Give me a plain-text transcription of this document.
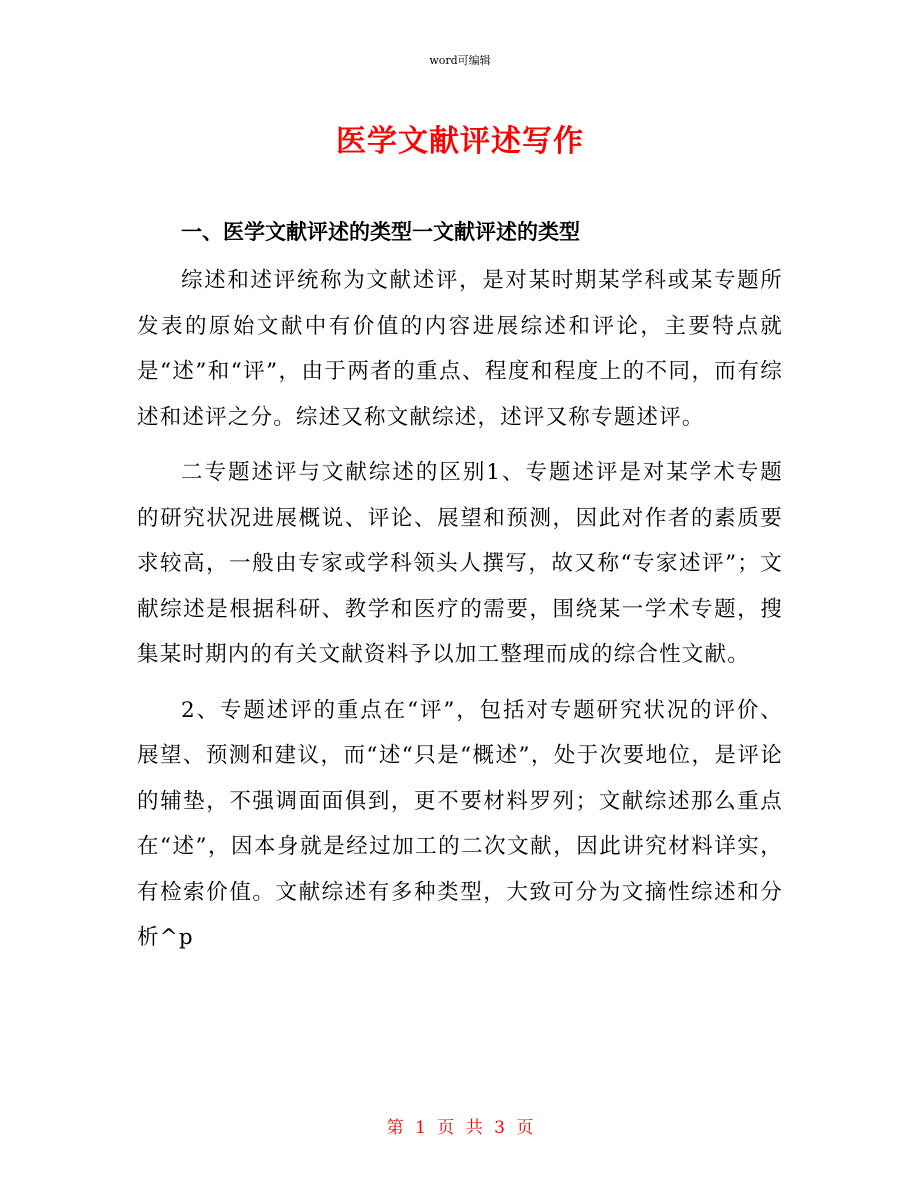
word可编辑
医学文献评述写作
一、医学文献评述的类型一文献评述的类型

综述和述评统称为文献述评，是对某时期某学科或某专题所发表的原始文献中有价值的内容进展综述和评论，主要特点就是“述”和“评”，由于两者的重点、程度和程度上的不同，而有综述和述评之分。综述又称文献综述，述评又称专题述评。

二专题述评与文献综述的区别1、专题述评是对某学术专题的研究状况进展概说、评论、展望和预测，因此对作者的素质要求较高，一般由专家或学科领头人撰写，故又称“专家述评”；文献综述是根据科研、教学和医疗的需要，围绕某一学术专题，搜集某时期内的有关文献资料予以加工整理而成的综合性文献。

2、专题述评的重点在“评”，包括对专题研究状况的评价、展望、预测和建议，而“述“只是“概述”，处于次要地位，是评论的辅垫，不强调面面俱到，更不要材料罗列；文献综述那么重点在“述”，因本身就是经过加工的二次文献，因此讲究材料详实，有检索价值。文献综述有多种类型，大致可分为文摘性综述和分析^p

第 1 页 共 3 页
